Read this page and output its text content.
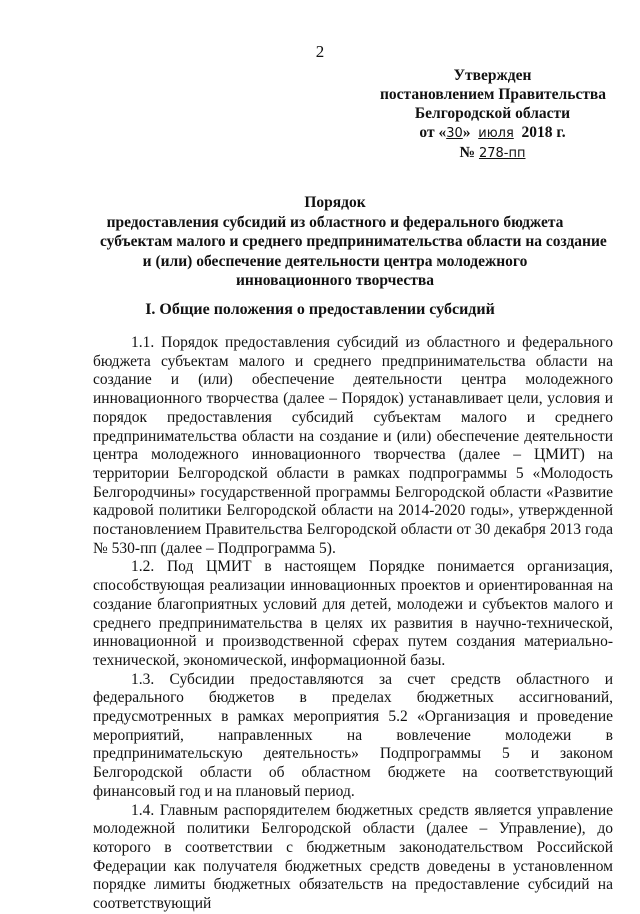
2
Утвержден
постановлением Правительства
Белгородской области
от «30» июля 2018 г.
№ 278-пп
Порядок
предоставления субсидий из областного и федерального бюджета
субъектам малого и среднего предпринимательства области на создание
и (или) обеспечение деятельности центра молодежного
инновационного творчества
I. Общие положения о предоставлении субсидий

1.1. Порядок предоставления субсидий из областного и федерального бюджета субъектам малого и среднего предпринимательства области на создание и (или) обеспечение деятельности центра молодежного инновационного творчества (далее – Порядок) устанавливает цели, условия и порядок предоставления субсидий субъектам малого и среднего предпринимательства области на создание и (или) обеспечение деятельности центра молодежного инновационного творчества (далее – ЦМИТ) на территории Белгородской области в рамках подпрограммы 5 «Молодость Белгородчины» государственной программы Белгородской области «Развитие кадровой политики Белгородской области на 2014-2020 годы», утвержденной постановлением Правительства Белгородской области от 30 декабря 2013 года № 530-пп (далее – Подпрограмма 5).

1.2. Под ЦМИТ в настоящем Порядке понимается организация, способствующая реализации инновационных проектов и ориентированная на создание благоприятных условий для детей, молодежи и субъектов малого и среднего предпринимательства в целях их развития в научно-технической, инновационной и производственной сферах путем создания материально-технической, экономической, информационной базы.

1.3. Субсидии предоставляются за счет средств областного и федерального бюджетов в пределах бюджетных ассигнований, предусмотренных в рамках мероприятия 5.2 «Организация и проведение мероприятий, направленных на вовлечение молодежи в предпринимательскую деятельность» Подпрограммы 5 и законом Белгородской области об областном бюджете на соответствующий финансовый год и на плановый период.

1.4. Главным распорядителем бюджетных средств является управление молодежной политики Белгородской области (далее – Управление), до которого в соответствии с бюджетным законодательством Российской Федерации как получателя бюджетных средств доведены в установленном порядке лимиты бюджетных обязательств на предоставление субсидий на соответствующий
